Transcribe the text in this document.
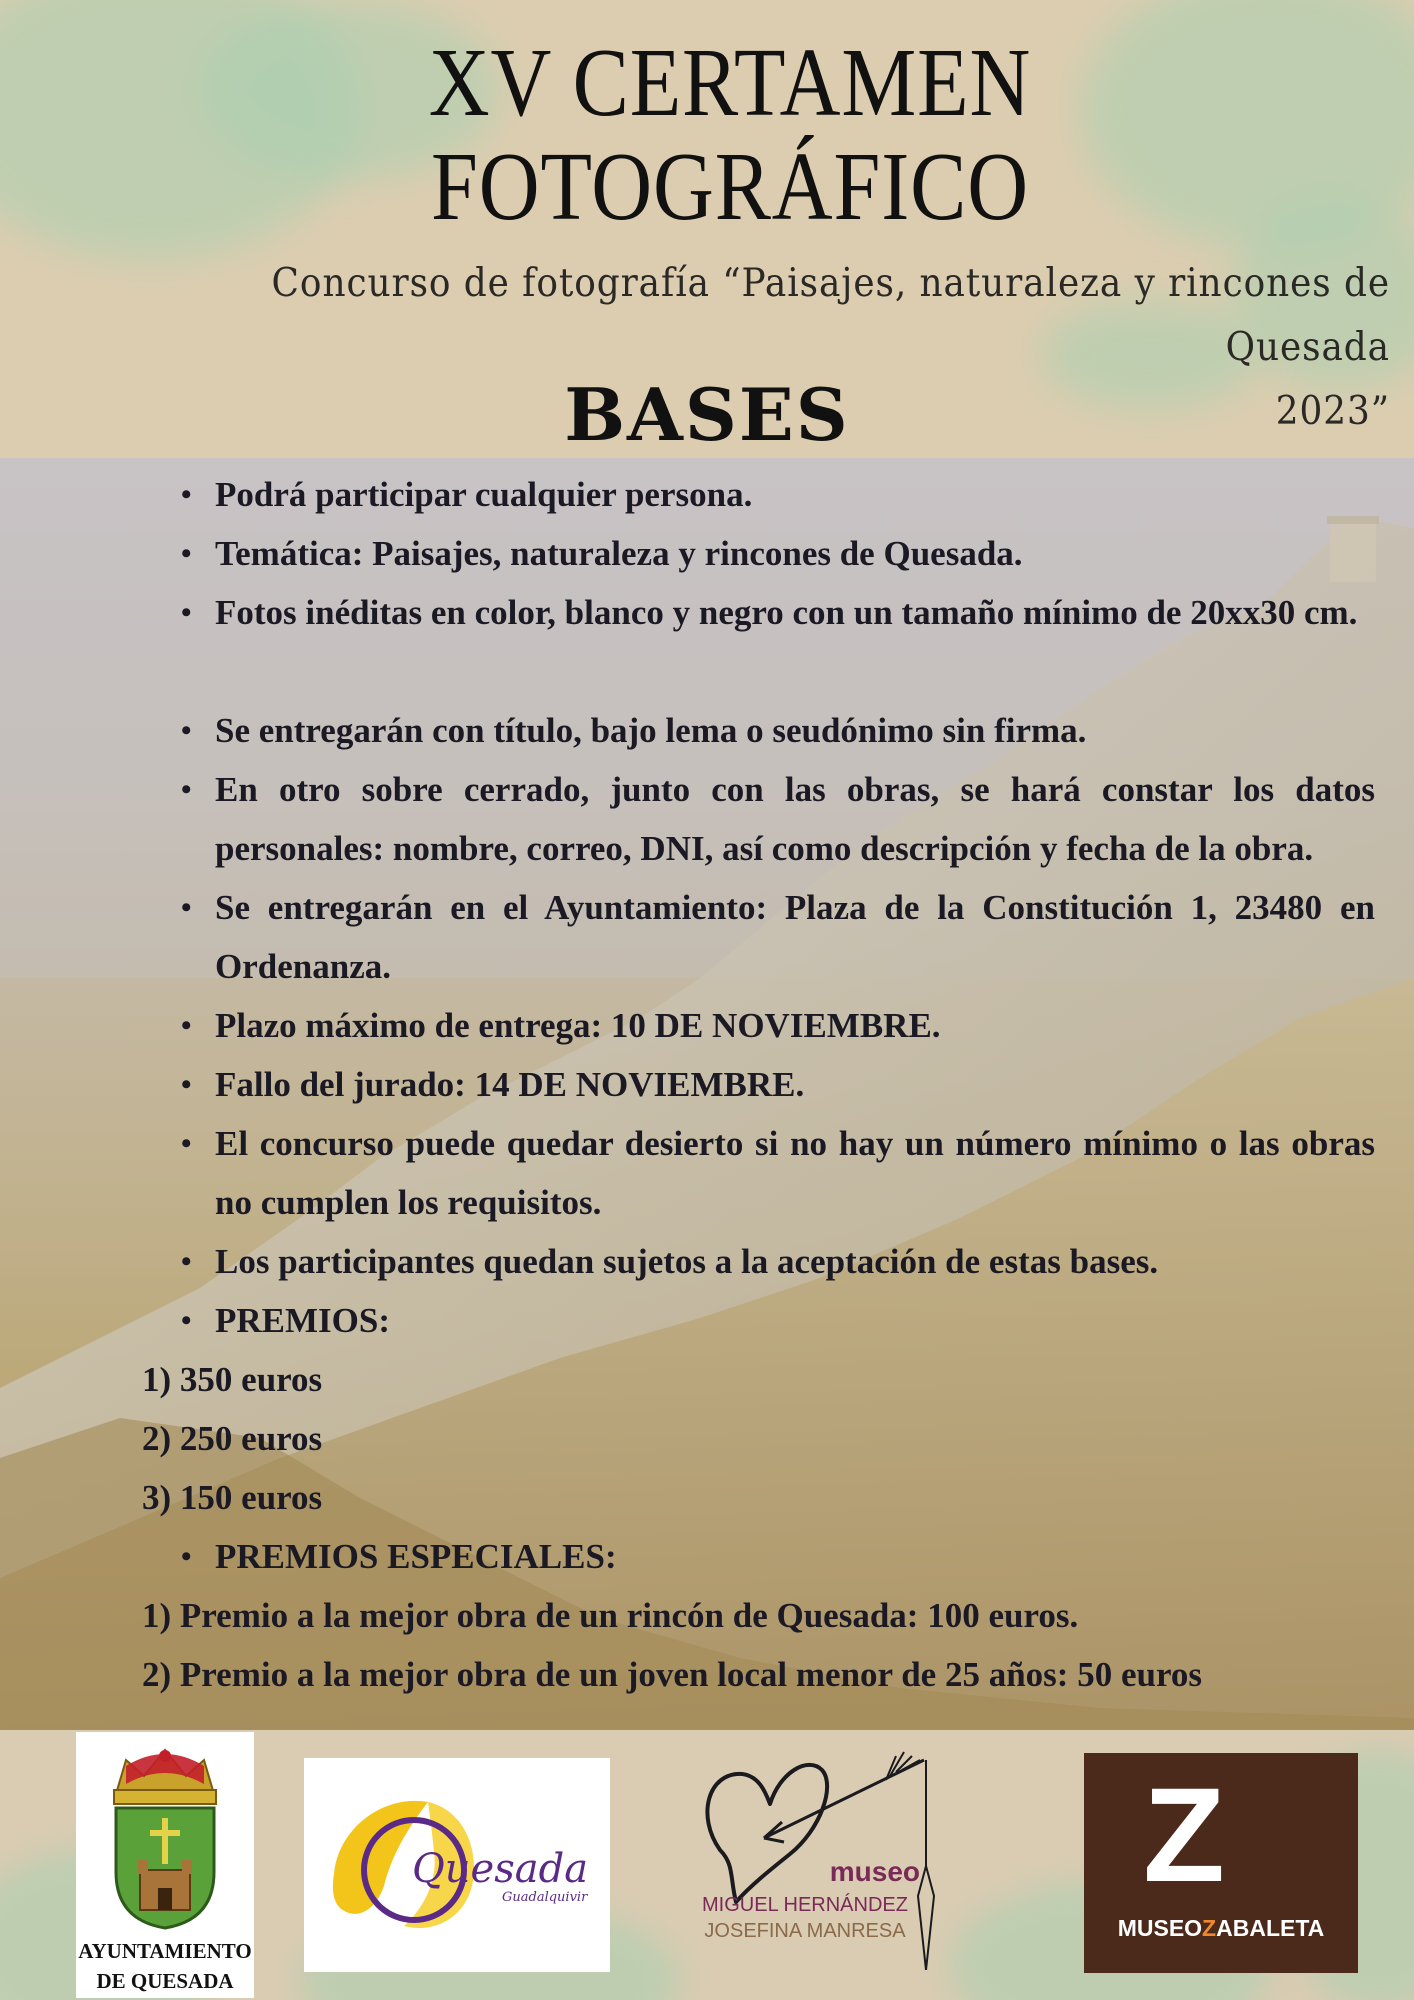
XV CERTAMEN
FOTOGRÁFICO
Concurso de fotografía “Paisajes, naturaleza y rincones de Quesada
2023”
BASES
• Podrá participar cualquier persona.
• Temática: Paisajes, naturaleza y rincones de Quesada.
• Fotos inéditas en color, blanco y negro con un tamaño mínimo de 20xx30 cm.
• Se entregarán con título, bajo lema o seudónimo sin firma.
• En otro sobre cerrado, junto con las obras, se hará constar los datos personales: nombre, correo, DNI, así como descripción y fecha de la obra.
• Se entregarán en el Ayuntamiento: Plaza de la Constitución 1, 23480 en Ordenanza.
• Plazo máximo de entrega: 10 DE NOVIEMBRE.
• Fallo del jurado: 14 DE NOVIEMBRE.
• El concurso puede quedar desierto si no hay un número mínimo o las obras no cumplen los requisitos.
• Los participantes quedan sujetos a la aceptación de estas bases.
• PREMIOS:
1) 350 euros
2) 250 euros
3) 150 euros
• PREMIOS ESPECIALES:
1) Premio a la mejor obra de un rincón de Quesada: 100 euros.
2) Premio a la mejor obra de un joven local menor de 25 años: 50 euros
AYUNTAMIENTO
DE QUESADA
Quesada
Guadalquivir
museo
MIGUEL HERNÁNDEZ
JOSEFINA MANRESA
Z
MUSEOZABALETA
